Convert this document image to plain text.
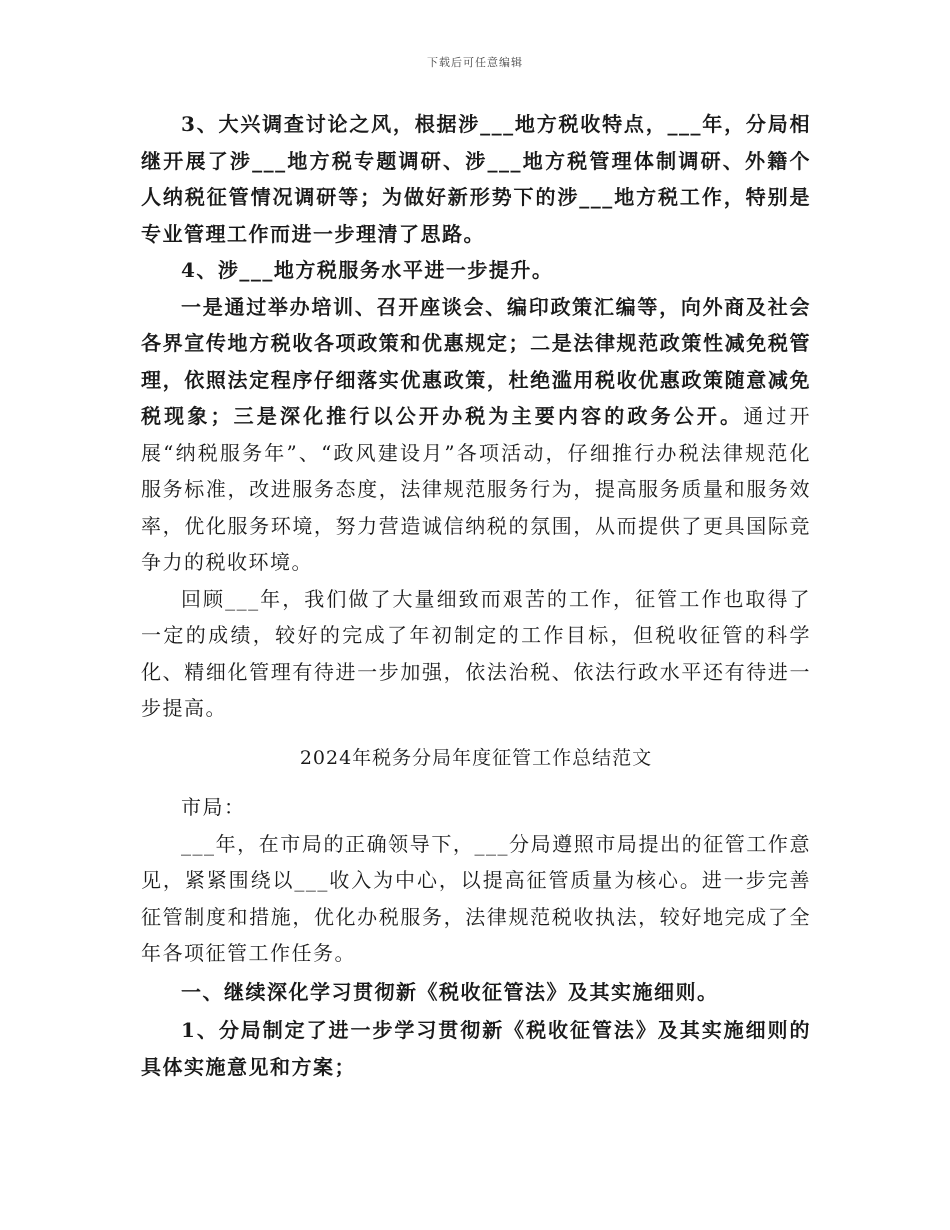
下载后可任意编辑

3、大兴调查讨论之风，根据涉___地方税收特点，___年，分局相继开展了涉___地方税专题调研、涉___地方税管理体制调研、外籍个人纳税征管情况调研等；为做好新形势下的涉___地方税工作，特别是专业管理工作而进一步理清了思路。

4、涉___地方税服务水平进一步提升。

一是通过举办培训、召开座谈会、编印政策汇编等，向外商及社会各界宣传地方税收各项政策和优惠规定；二是法律规范政策性减免税管理，依照法定程序仔细落实优惠政策，杜绝滥用税收优惠政策随意减免税现象；三是深化推行以公开办税为主要内容的政务公开。通过开展“纳税服务年”、“政风建设月”各项活动，仔细推行办税法律规范化服务标准，改进服务态度，法律规范服务行为，提高服务质量和服务效率，优化服务环境，努力营造诚信纳税的氛围，从而提供了更具国际竞争力的税收环境。

回顾___年，我们做了大量细致而艰苦的工作，征管工作也取得了一定的成绩，较好的完成了年初制定的工作目标，但税收征管的科学化、精细化管理有待进一步加强，依法治税、依法行政水平还有待进一步提高。

2024年税务分局年度征管工作总结范文

市局：

___年，在市局的正确领导下，___分局遵照市局提出的征管工作意见，紧紧围绕以___收入为中心，以提高征管质量为核心。进一步完善征管制度和措施，优化办税服务，法律规范税收执法，较好地完成了全年各项征管工作任务。

一、继续深化学习贯彻新《税收征管法》及其实施细则。

1、分局制定了进一步学习贯彻新《税收征管法》及其实施细则的具体实施意见和方案；
